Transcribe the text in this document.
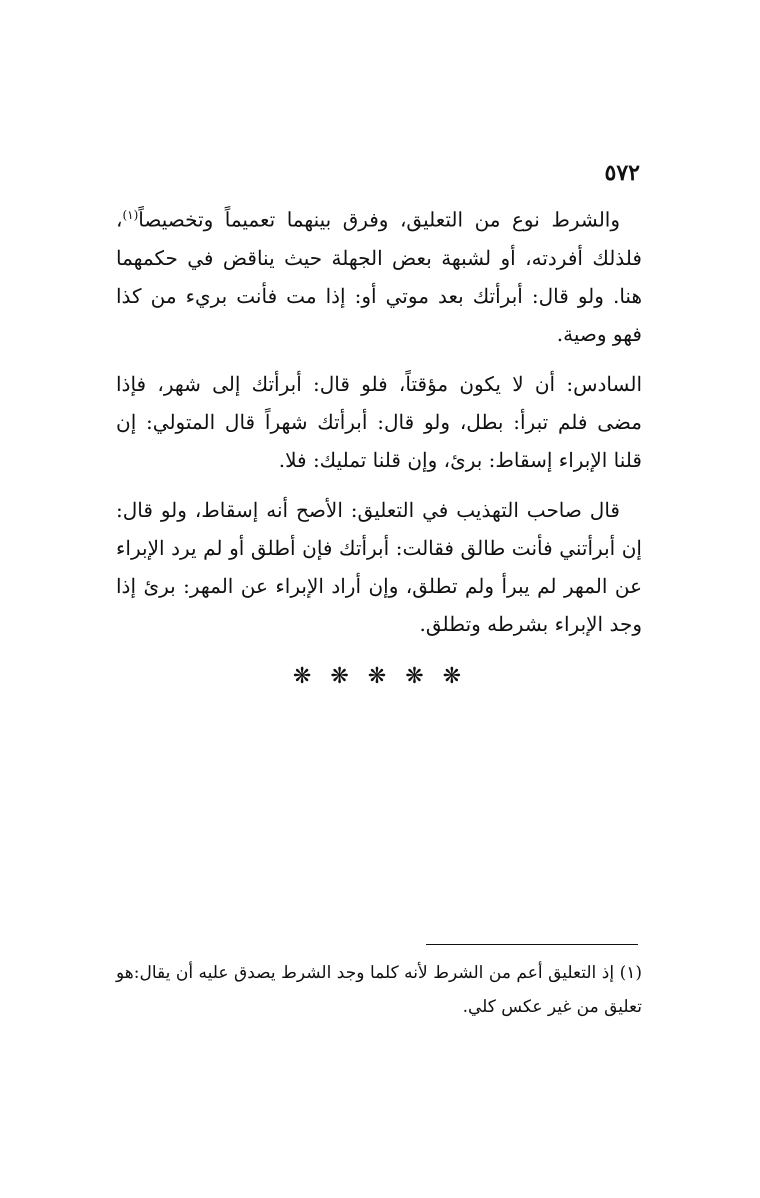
٥٧٢

والشرط نوع من التعليق، وفرق بينهما تعميماً وتخصيصاً$^{(١)}$، فلذلك أفردته، أو لشبهة بعض الجهلة حيث يناقض في حكمهما هنا. ولو قال: أبرأتك بعد موتي أو: إذا مت فأنت بريء من كذا فهو وصية.

السادس: أن لا يكون مؤقتاً، فلو قال: أبرأتك إلى شهر، فإذا مضى فلم تبرأ: بطل، ولو قال: أبرأتك شهراً قال المتولي: إن قلنا الإبراء إسقاط: برئ، وإن قلنا تمليك: فلا.

قال صاحب التهذيب في التعليق: الأصح أنه إسقاط، ولو قال: إن أبرأتني فأنت طالق فقالت: أبرأتك فإن أطلق أو لم يرد الإبراء عن المهر لم يبرأ ولم تطلق، وإن أراد الإبراء عن المهر: برئ إذا وجد الإبراء بشرطه وتطلق.

❋ ❋ ❋ ❋ ❋

(١) إذ التعليق أعم من الشرط لأنه كلما وجد الشرط يصدق عليه أن يقال:هو تعليق من غير عكس كلي.
